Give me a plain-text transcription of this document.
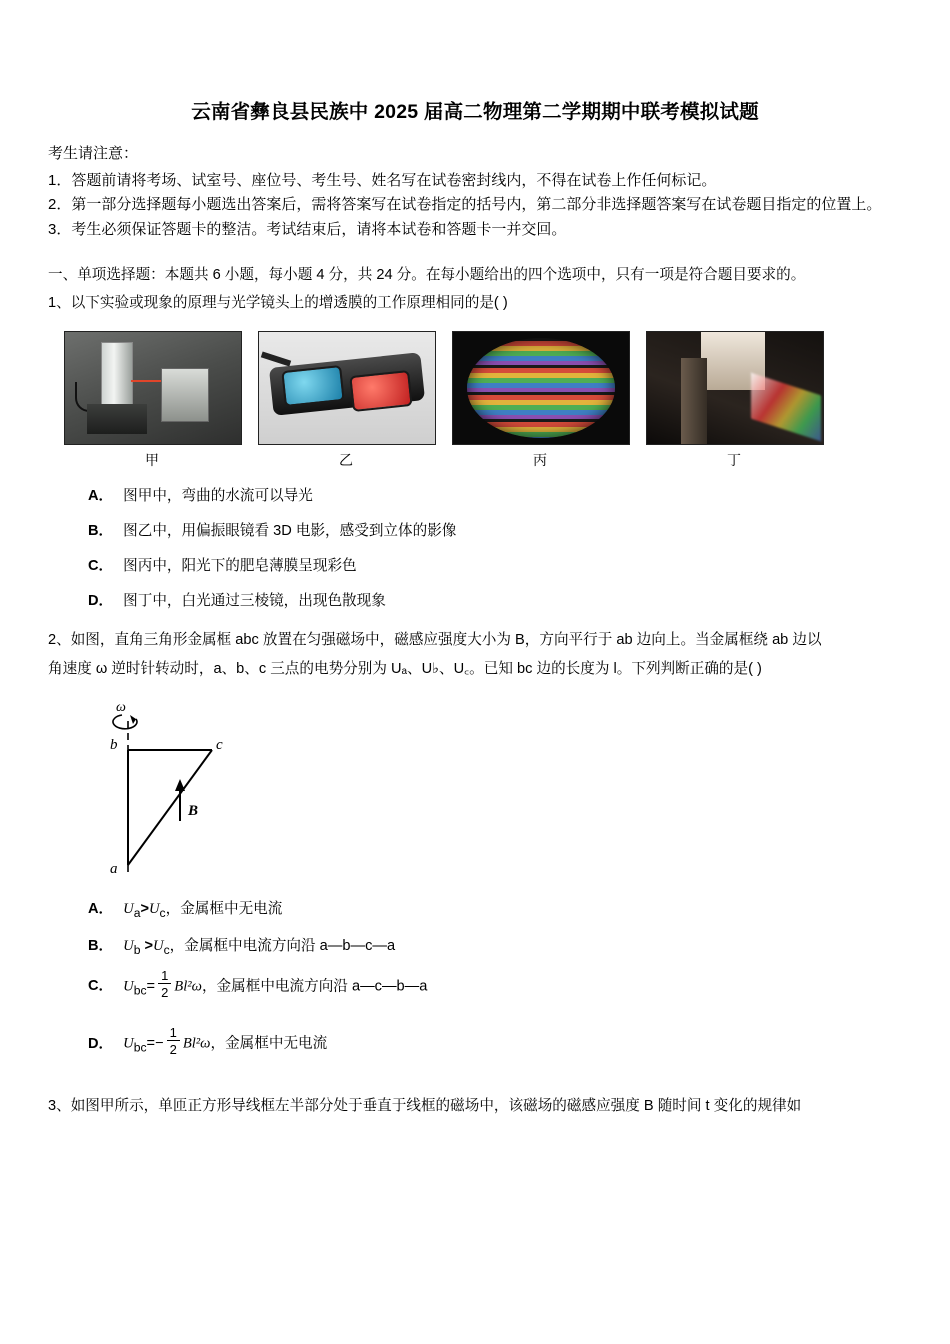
云南省彝良县民族中 2025 届高二物理第二学期期中联考模拟试题

考生请注意：

1．答题前请将考场、试室号、座位号、考生号、姓名写在试卷密封线内，不得在试卷上作任何标记。

2．第一部分选择题每小题选出答案后，需将答案写在试卷指定的括号内，第二部分非选择题答案写在试卷题目指定的位置上。

3．考生必须保证答题卡的整洁。考试结束后，请将本试卷和答题卡一并交回。

一、单项选择题：本题共 6 小题，每小题 4 分，共 24 分。在每小题给出的四个选项中，只有一项是符合题目要求的。

1、以下实验或现象的原理与光学镜头上的增透膜的工作原理相同的是( )

甲	乙	丙	丁
A． 图甲中，弯曲的水流可以导光
B． 图乙中，用偏振眼镜看 3D 电影，感受到立体的影像
C． 图丙中，阳光下的肥皂薄膜呈现彩色
D． 图丁中，白光通过三棱镜，出现色散现象

2、如图，直角三角形金属框 abc 放置在匀强磁场中，磁感应强度大小为 B，方向平行于 ab 边向上。当金属框绕 ab 边以

角速度 ω 逆时针转动时，a、b、c 三点的电势分别为 Uₐ、U♭、U꜀。已知 bc 边的长度为 l。下列判断正确的是( )

ω
b	c
a
B
A． $U_a>U_c$，金属框中无电流
B． $U_b >U_c$，金属框中电流方向沿 a—b—c—a
C． $U_{bc}= \frac{1}{2} Bl^2\omega$，金属框中电流方向沿 a—c—b—a
D． $U_{bc}=- \frac{1}{2} Bl^2\omega$，金属框中无电流

3、如图甲所示，单匝正方形导线框左半部分处于垂直于线框的磁场中，该磁场的磁感应强度 B 随时间 t 变化的规律如
